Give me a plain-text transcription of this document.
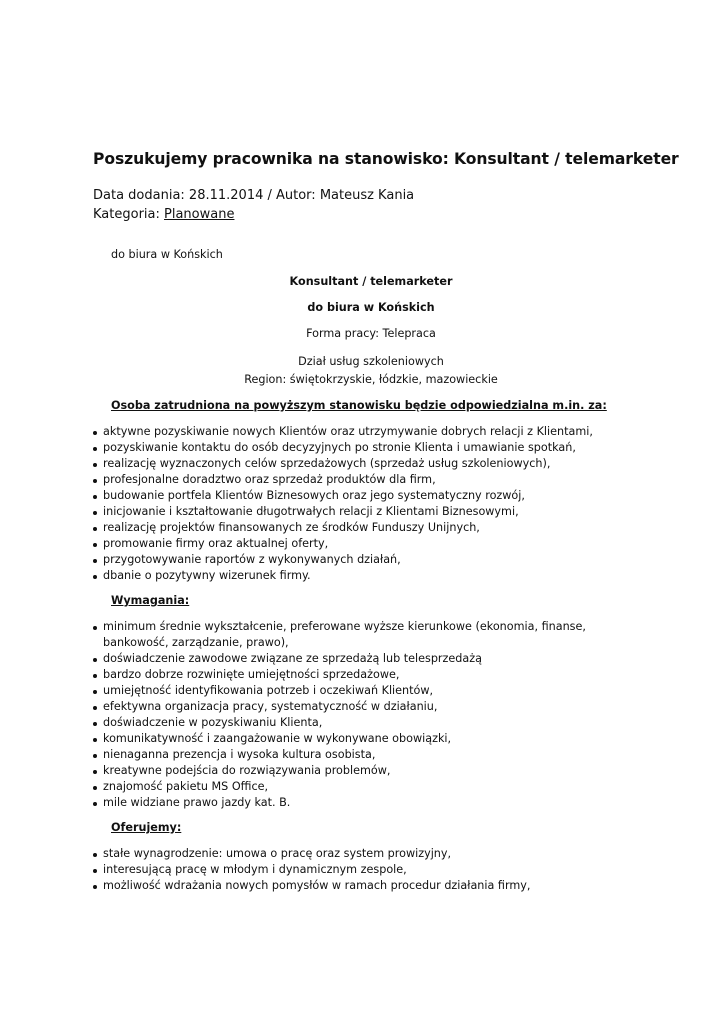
Poszukujemy pracownika na stanowisko: Konsultant / telemarketer
Data dodania: 28.11.2014 / Autor: Mateusz Kania
Kategoria: Planowane
do biura w Końskich
Konsultant / telemarketer
do biura w Końskich
Forma pracy: Telepraca
Dział usług szkoleniowych
Region: świętokrzyskie, łódzkie, mazowieckie
Osoba zatrudniona na powyższym stanowisku będzie odpowiedzialna m.in. za:
aktywne pozyskiwanie nowych Klientów oraz utrzymywanie dobrych relacji z Klientami,
pozyskiwanie kontaktu do osób decyzyjnych po stronie Klienta i umawianie spotkań,
realizację wyznaczonych celów sprzedażowych (sprzedaż usług szkoleniowych),
profesjonalne doradztwo oraz sprzedaż produktów dla firm,
budowanie portfela Klientów Biznesowych oraz jego systematyczny rozwój,
inicjowanie i kształtowanie długotrwałych relacji z Klientami Biznesowymi,
realizację projektów finansowanych ze środków Funduszy Unijnych,
promowanie firmy oraz aktualnej oferty,
przygotowywanie raportów z wykonywanych działań,
dbanie o pozytywny wizerunek firmy.
Wymagania:
minimum średnie wykształcenie, preferowane wyższe kierunkowe (ekonomia, finanse, bankowość, zarządzanie, prawo),
doświadczenie zawodowe związane ze sprzedażą lub telesprzedażą
bardzo dobrze rozwinięte umiejętności sprzedażowe,
umiejętność identyfikowania potrzeb i oczekiwań Klientów,
efektywna organizacja pracy, systematyczność w działaniu,
doświadczenie w pozyskiwaniu Klienta,
komunikatywność i zaangażowanie w wykonywane obowiązki,
nienaganna prezencja i wysoka kultura osobista,
kreatywne podejścia do rozwiązywania problemów,
znajomość pakietu MS Office,
mile widziane prawo jazdy kat. B.
Oferujemy:
stałe wynagrodzenie: umowa o pracę oraz system prowizyjny,
interesującą pracę w młodym i dynamicznym zespole,
możliwość wdrażania nowych pomysłów w ramach procedur działania firmy,
